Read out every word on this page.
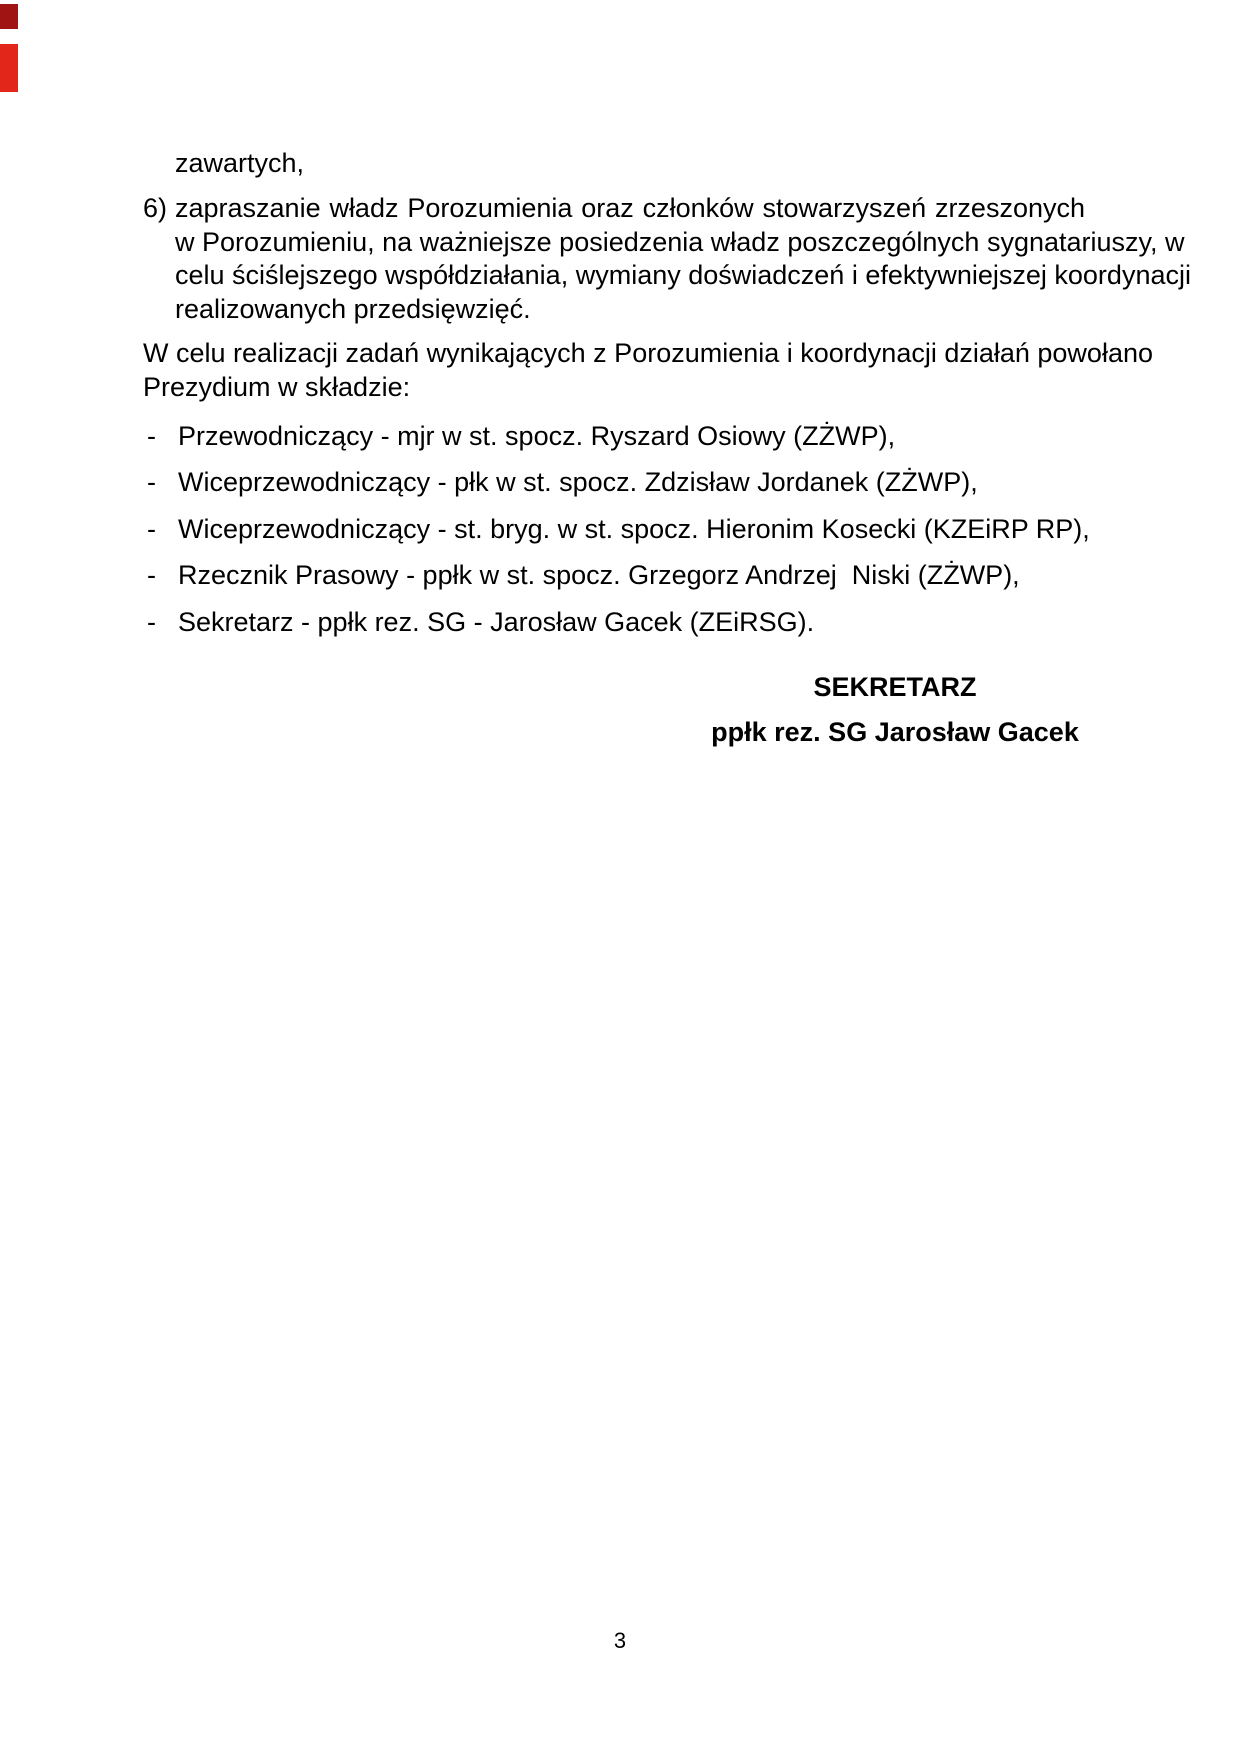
zawartych,
6) zapraszanie władz Porozumienia oraz członków stowarzyszeń zrzeszonych
w Porozumieniu, na ważniejsze posiedzenia władz poszczególnych sygnatariuszy, w
celu ściślejszego współdziałania, wymiany doświadczeń i efektywniejszej koordynacji
realizowanych przedsięwzięć.
W celu realizacji zadań wynikających z Porozumienia i koordynacji działań powołano
Prezydium w składzie:
- Przewodniczący - mjr w st. spocz. Ryszard Osiowy (ZŻWP),
- Wiceprzewodniczący - płk w st. spocz. Zdzisław Jordanek (ZŻWP),
- Wiceprzewodniczący - st. bryg. w st. spocz. Hieronim Kosecki (KZEiRP RP),
- Rzecznik Prasowy - ppłk w st. spocz. Grzegorz Andrzej  Niski (ZŻWP),
- Sekretarz - ppłk rez. SG - Jarosław Gacek (ZEiRSG).
SEKRETARZ
ppłk rez. SG Jarosław Gacek
3
